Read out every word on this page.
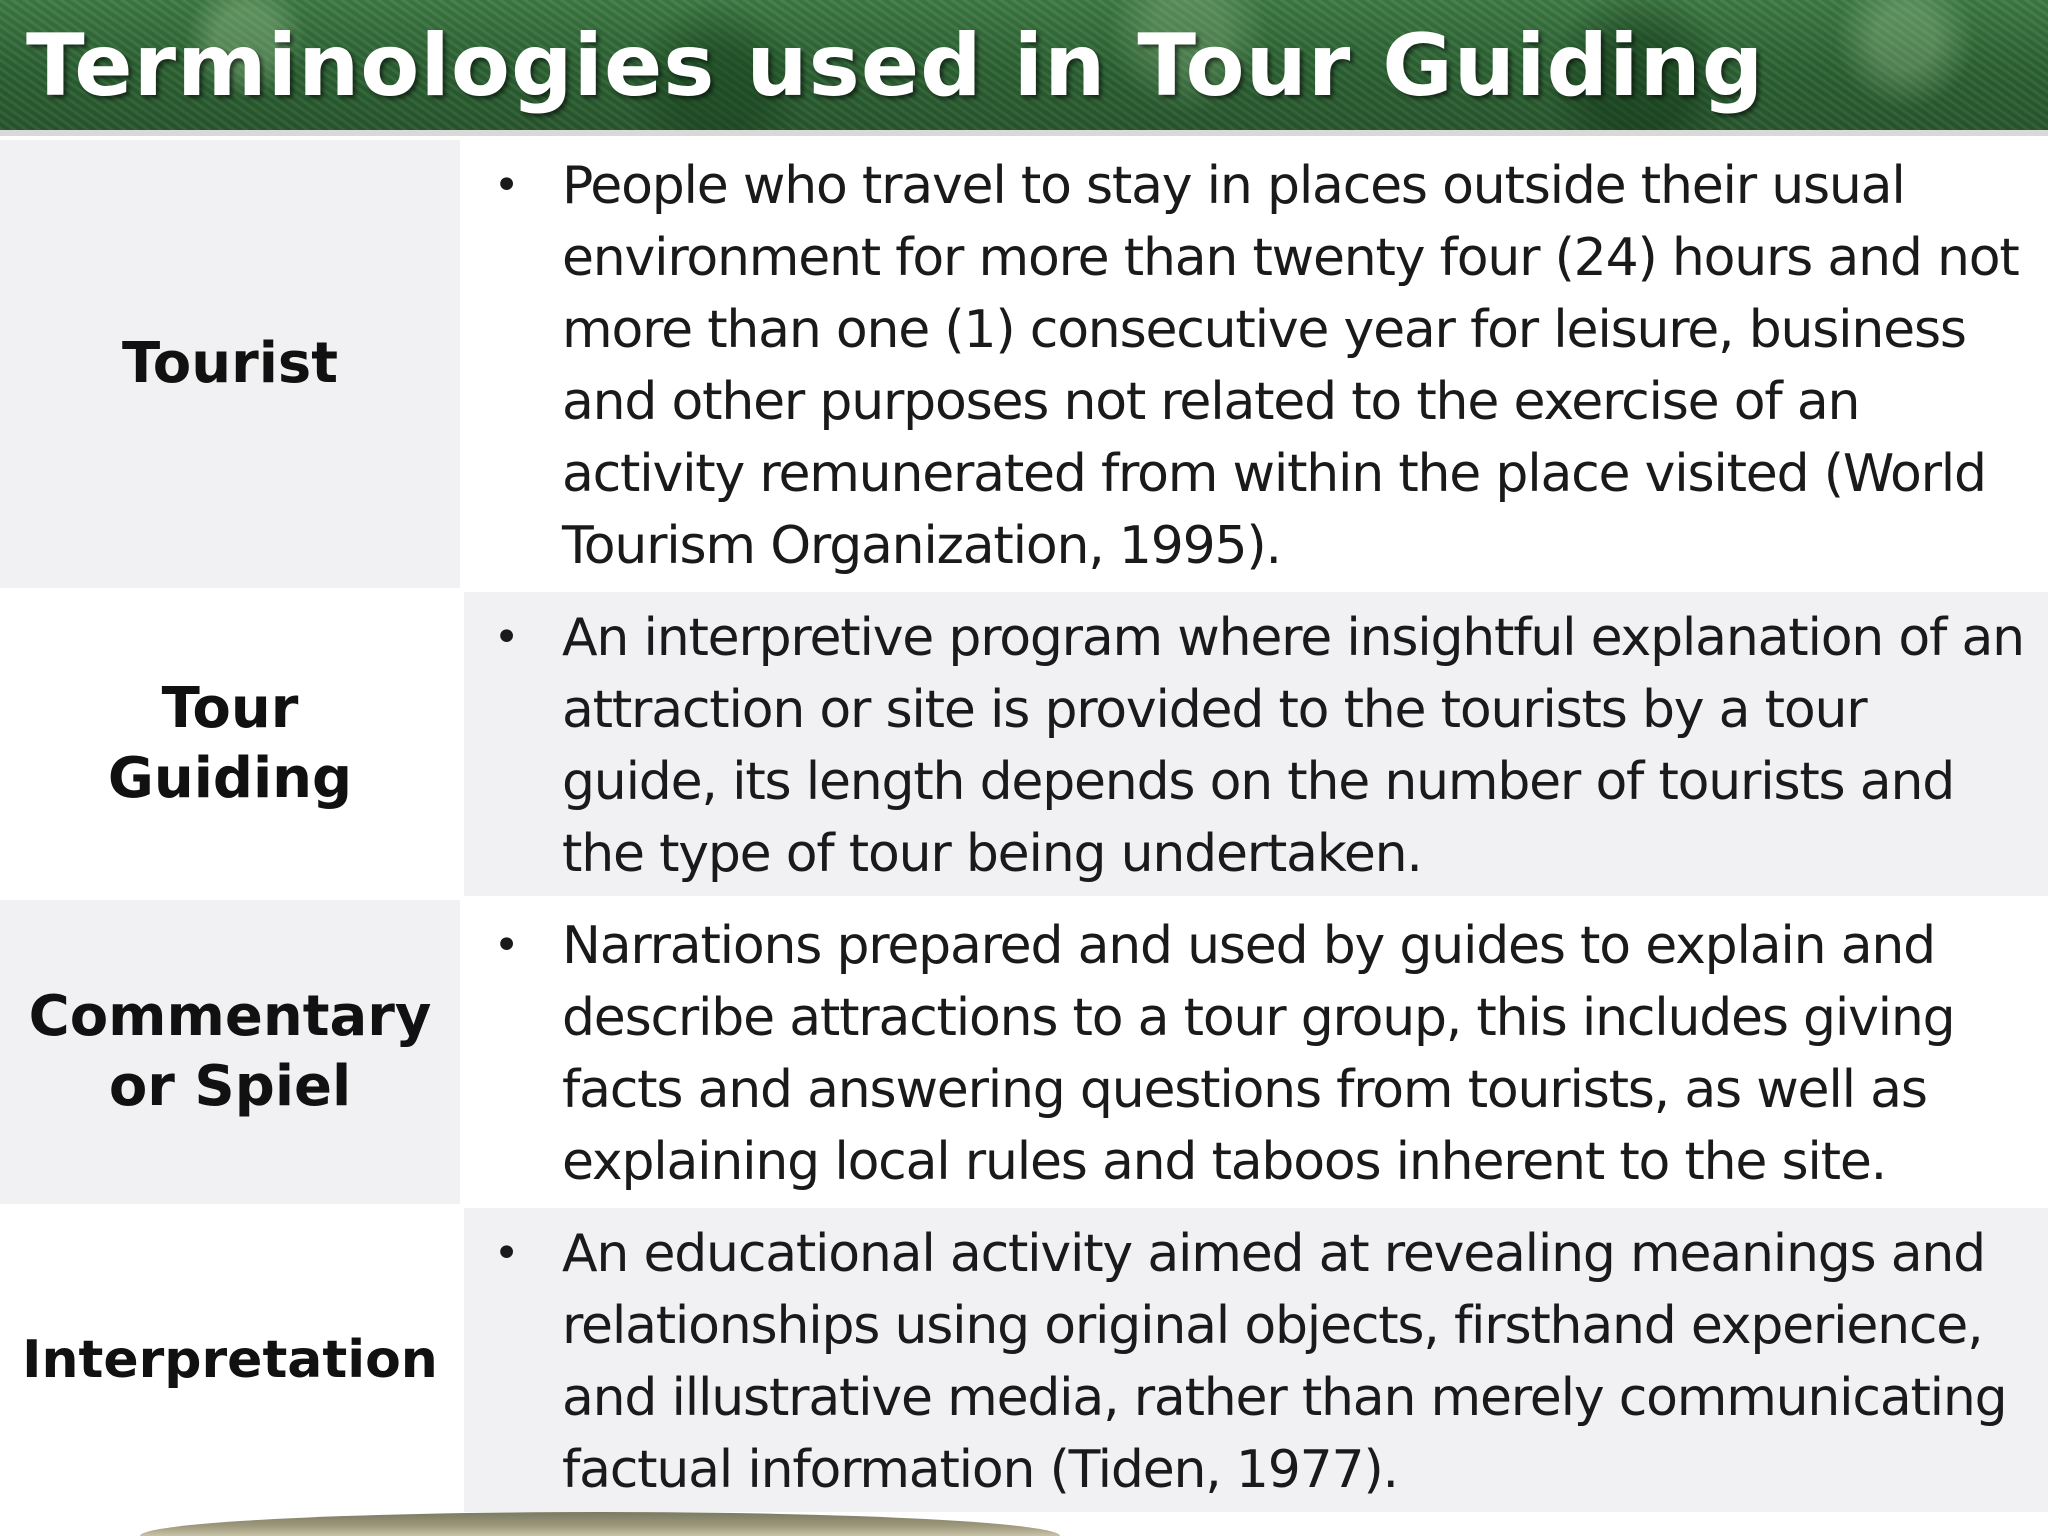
Terminologies used in Tour Guiding
Tourist
• People who travel to stay in places outside their usual environment for more than twenty four (24) hours and not more than one (1) consecutive year for leisure, business and other purposes not related to the exercise of an activity remunerated from within the place visited (World Tourism Organization, 1995).
Tour Guiding
• An interpretive program where insightful explanation of an attraction or site is provided to the tourists by a tour guide, its length depends on the number of tourists and the type of tour being undertaken.
Commentary or Spiel
• Narrations prepared and used by guides to explain and describe attractions to a tour group, this includes giving facts and answering questions from tourists, as well as explaining local rules and taboos inherent to the site.
Interpretation
• An educational activity aimed at revealing meanings and relationships using original objects, firsthand experience, and illustrative media, rather than merely communicating factual information (Tiden, 1977).
